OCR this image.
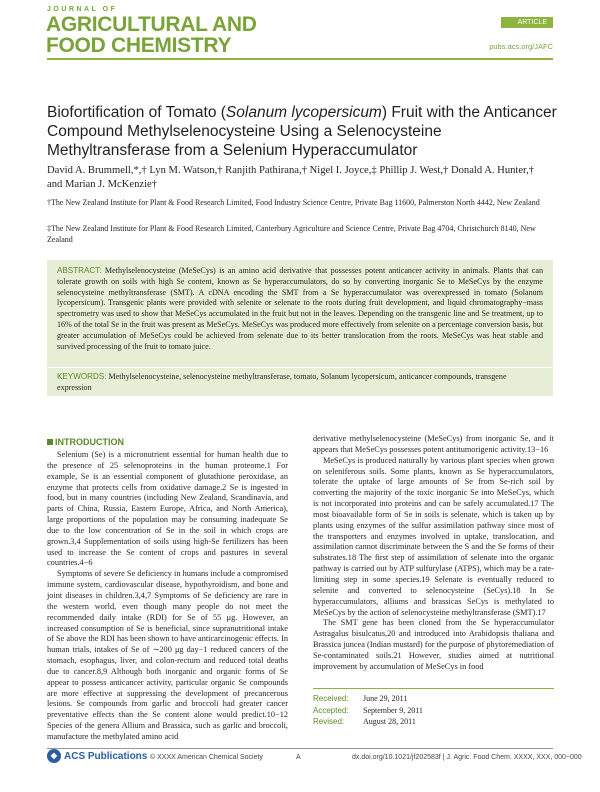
JOURNAL OF
AGRICULTURAL AND
FOOD CHEMISTRY
ARTICLE
pubs.acs.org/JAFC
Biofortification of Tomato (Solanum lycopersicum) Fruit with the Anticancer Compound Methylselenocysteine Using a Selenocysteine Methyltransferase from a Selenium Hyperaccumulator
David A. Brummell,*,† Lyn M. Watson,† Ranjith Pathirana,† Nigel I. Joyce,‡ Phillip J. West,† Donald A. Hunter,† and Marian J. McKenzie†
†The New Zealand Institute for Plant & Food Research Limited, Food Industry Science Centre, Private Bag 11600, Palmerston North 4442, New Zealand
‡The New Zealand Institute for Plant & Food Research Limited, Canterbury Agriculture and Science Centre, Private Bag 4704, Christchurch 8140, New Zealand
ABSTRACT: Methylselenocysteine (MeSeCys) is an amino acid derivative that possesses potent anticancer activity in animals. Plants that can tolerate growth on soils with high Se content, known as Se hyperaccumulators, do so by converting inorganic Se to MeSeCys by the enzyme selenocysteine methyltransferase (SMT). A cDNA encoding the SMT from a Se hyperaccumulator was overexpressed in tomato (Solanum lycopersicum). Transgenic plants were provided with selenite or selenate to the roots during fruit development, and liquid chromatography−mass spectrometry was used to show that MeSeCys accumulated in the fruit but not in the leaves. Depending on the transgenic line and Se treatment, up to 16% of the total Se in the fruit was present as MeSeCys. MeSeCys was produced more effectively from selenite on a percentage conversion basis, but greater accumulation of MeSeCys could be achieved from selenate due to its better translocation from the roots. MeSeCys was heat stable and survived processing of the fruit to tomato juice.
KEYWORDS: Methylselenocysteine, selenocysteine methyltransferase, tomato, Solanum lycopersicum, anticancer compounds, transgene expression
INTRODUCTION

Selenium (Se) is a micronutrient essential for human health due to the presence of 25 selenoproteins in the human proteome.1 For example, Se is an essential component of glutathione peroxidase, an enzyme that protects cells from oxidative damage.2 Se is ingested in food, but in many countries (including New Zealand, Scandinavia, and parts of China, Russia, Eastern Europe, Africa, and North America), large proportions of the population may be consuming inadequate Se due to the low concentration of Se in the soil in which crops are grown.3,4 Supplementation of soils using high-Se fertilizers has been used to increase the Se content of crops and pastures in several countries.4−6

Symptoms of severe Se deficiency in humans include a compromised immune system, cardiovascular disease, hypothyroidism, and bone and joint diseases in children.3,4,7 Symptoms of Se deficiency are rare in the western world, even though many people do not meet the recommended daily intake (RDI) for Se of 55 μg. However, an increased consumption of Se is beneficial, since supranutritional intake of Se above the RDI has been shown to have anticarcinogenic effects. In human trials, intakes of Se of ∼200 μg day−1 reduced cancers of the stomach, esophagus, liver, and colon-rectum and reduced total deaths due to cancer.8,9 Although both inorganic and organic forms of Se appear to possess anticancer activity, particular organic Se compounds are more effective at suppressing the development of precancerous lesions. Se compounds from garlic and broccoli had greater cancer preventative effects than the Se content alone would predict.10−12 Species of the genera Allium and Brassica, such as garlic and broccoli, manufacture the methylated amino acid

derivative methylselenocysteine (MeSeCys) from inorganic Se, and it appears that MeSeCys possesses potent antitumorigenic activity.13−16

MeSeCys is produced naturally by various plant species when grown on seleniferous soils. Some plants, known as Se hyperaccumulators, tolerate the uptake of large amounts of Se from Se-rich soil by converting the majority of the toxic inorganic Se into MeSeCys, which is not incorporated into proteins and can be safely accumulated.17 The most bioavailable form of Se in soils is selenate, which is taken up by plants using enzymes of the sulfur assimilation pathway since most of the transporters and enzymes involved in uptake, translocation, and assimilation cannot discriminate between the S and the Se forms of their substrates.18 The first step of assimilation of selenate into the organic pathway is carried out by ATP sulfurylase (ATPS), which may be a rate-limiting step in some species.19 Selenate is eventually reduced to selenite and converted to selenocysteine (SeCys).18 In Se hyperaccumulators, alliums and brassicas SeCys is methylated to MeSeCys by the action of selenocysteine methyltransferase (SMT).17

The SMT gene has been cloned from the Se hyperaccumulator Astragalus bisulcatus,20 and introduced into Arabidopsis thaliana and Brassica juncea (Indian mustard) for the purpose of phytoremediation of Se-contaminated soils.21 However, studies aimed at nutritional improvement by accumulation of MeSeCys in food

Received:	June 29, 2011
Accepted:	September 9, 2011
Revised:	August 28, 2011
◆ ACS Publications © XXXX American Chemical Society	A	dx.doi.org/10.1021/jf202583f | J. Agric. Food Chem. XXXX, XXX, 000−000
